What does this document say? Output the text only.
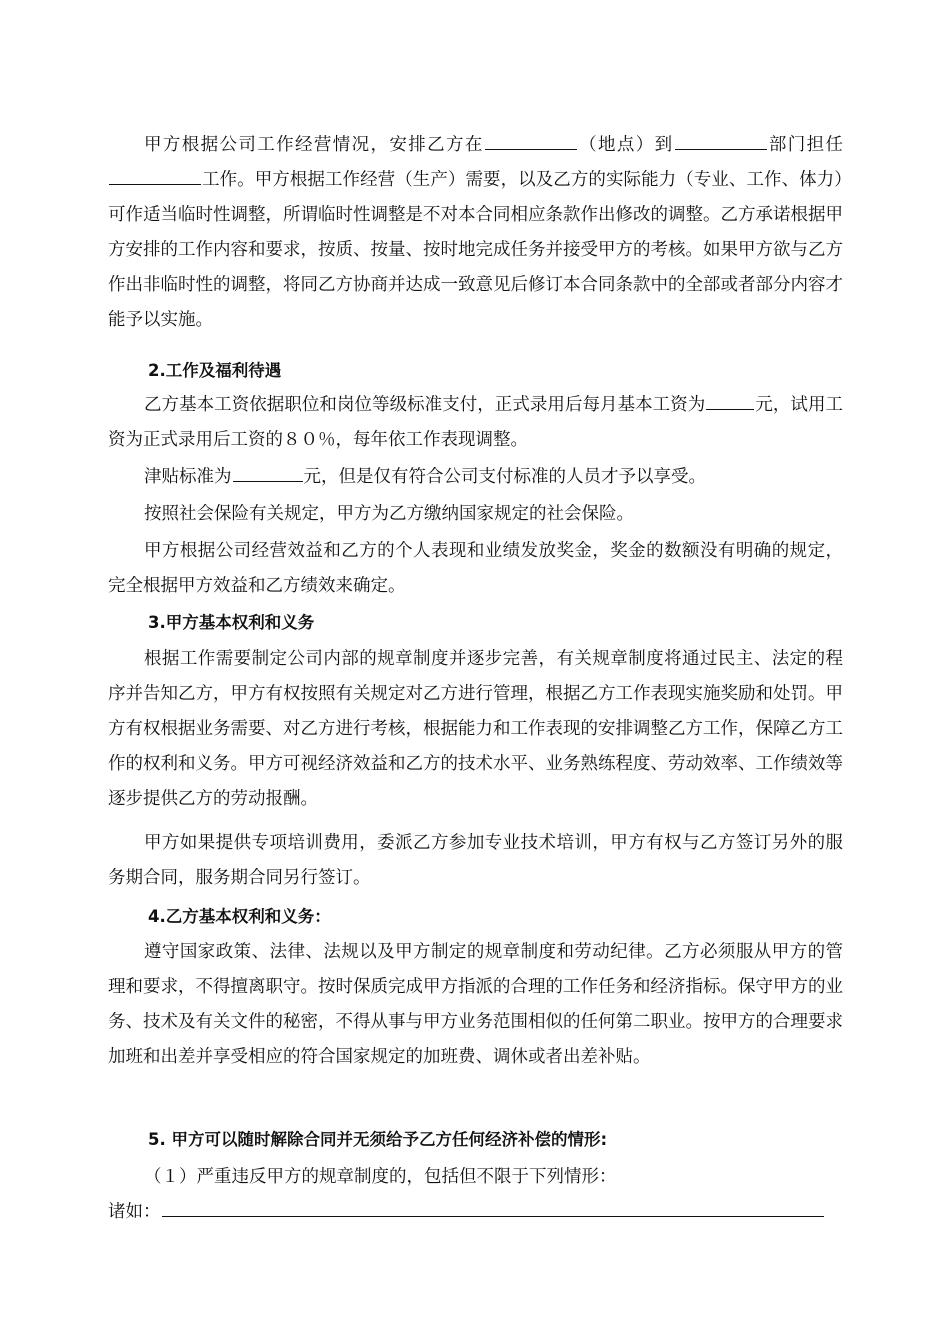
甲方根据公司工作经营情况，安排乙方在	（地点）到	部门担任工作。甲方根据工作经营（生产）需要，以及乙方的实际能力（专业、工作、体力）可作适当临时性调整，所谓临时性调整是不对本合同相应条款作出修改的调整。乙方承诺根据甲方安排的工作内容和要求，按质、按量、按时地完成任务并接受甲方的考核。如果甲方欲与乙方作出非临时性的调整，将同乙方协商并达成一致意见后修订本合同条款中的全部或者部分内容才能予以实施。

2.工作及福利待遇

乙方基本工资依据职位和岗位等级标准支付，正式录用后每月基本工资为	元，试用工资为正式录用后工资的８０％，每年依工作表现调整。

津贴标准为	元，但是仅有符合公司支付标准的人员才予以享受。

按照社会保险有关规定，甲方为乙方缴纳国家规定的社会保险。

甲方根据公司经营效益和乙方的个人表现和业绩发放奖金，奖金的数额没有明确的规定，完全根据甲方效益和乙方绩效来确定。

3.甲方基本权利和义务

根据工作需要制定公司内部的规章制度并逐步完善，有关规章制度将通过民主、法定的程序并告知乙方，甲方有权按照有关规定对乙方进行管理，根据乙方工作表现实施奖励和处罚。甲方有权根据业务需要、对乙方进行考核，根据能力和工作表现的安排调整乙方工作，保障乙方工作的权利和义务。甲方可视经济效益和乙方的技术水平、业务熟练程度、劳动效率、工作绩效等逐步提供乙方的劳动报酬。

甲方如果提供专项培训费用，委派乙方参加专业技术培训，甲方有权与乙方签订另外的服务期合同，服务期合同另行签订。

4.乙方基本权利和义务：

遵守国家政策、法律、法规以及甲方制定的规章制度和劳动纪律。乙方必须服从甲方的管理和要求，不得擅离职守。按时保质完成甲方指派的合理的工作任务和经济指标。保守甲方的业务、技术及有关文件的秘密，不得从事与甲方业务范围相似的任何第二职业。按甲方的合理要求加班和出差并享受相应的符合国家规定的加班费、调休或者出差补贴。

5. 甲方可以随时解除合同并无须给予乙方任何经济补偿的情形:

（１）严重违反甲方的规章制度的，包括但不限于下列情形：

诸如：
